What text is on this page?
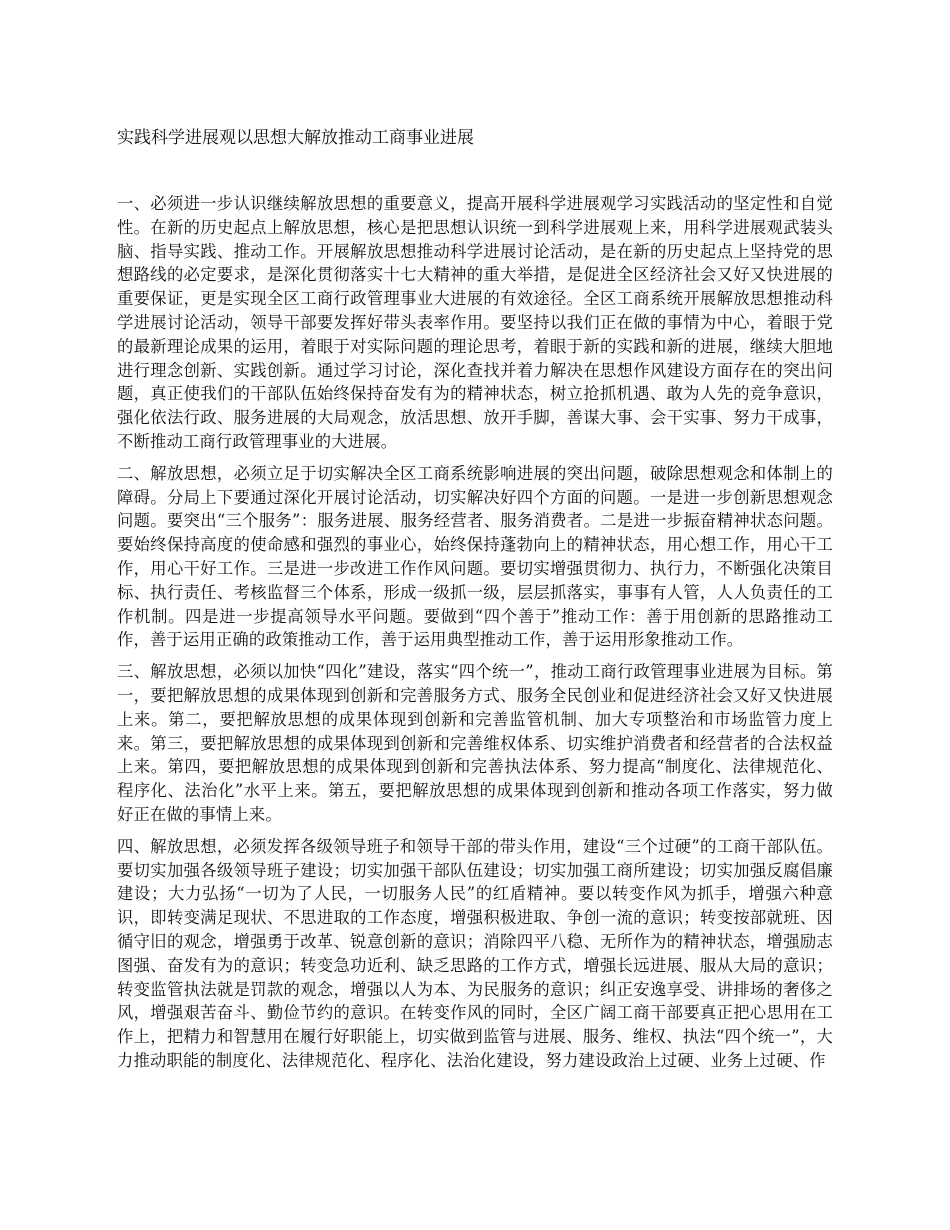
实践科学进展观以思想大解放推动工商事业进展

一、必须进一步认识继续解放思想的重要意义，提高开展科学进展观学习实践活动的坚定性和自觉性。在新的历史起点上解放思想，核心是把思想认识统一到科学进展观上来，用科学进展观武装头脑、指导实践、推动工作。开展解放思想推动科学进展讨论活动，是在新的历史起点上坚持党的思想路线的必定要求，是深化贯彻落实十七大精神的重大举措，是促进全区经济社会又好又快进展的重要保证，更是实现全区工商行政管理事业大进展的有效途径。全区工商系统开展解放思想推动科学进展讨论活动，领导干部要发挥好带头表率作用。要坚持以我们正在做的事情为中心，着眼于党的最新理论成果的运用，着眼于对实际问题的理论思考，着眼于新的实践和新的进展，继续大胆地进行理念创新、实践创新。通过学习讨论，深化查找并着力解决在思想作风建设方面存在的突出问题，真正使我们的干部队伍始终保持奋发有为的精神状态，树立抢抓机遇、敢为人先的竞争意识，强化依法行政、服务进展的大局观念，放活思想、放开手脚，善谋大事、会干实事、努力干成事，不断推动工商行政管理事业的大进展。

二、解放思想，必须立足于切实解决全区工商系统影响进展的突出问题，破除思想观念和体制上的障碍。分局上下要通过深化开展讨论活动，切实解决好四个方面的问题。一是进一步创新思想观念问题。要突出“三个服务”：服务进展、服务经营者、服务消费者。二是进一步振奋精神状态问题。要始终保持高度的使命感和强烈的事业心，始终保持蓬勃向上的精神状态，用心想工作，用心干工作，用心干好工作。三是进一步改进工作作风问题。要切实增强贯彻力、执行力，不断强化决策目标、执行责任、考核监督三个体系，形成一级抓一级，层层抓落实，事事有人管，人人负责任的工作机制。四是进一步提高领导水平问题。要做到“四个善于”推动工作：善于用创新的思路推动工作，善于运用正确的政策推动工作，善于运用典型推动工作，善于运用形象推动工作。

三、解放思想，必须以加快“四化”建设，落实“四个统一”，推动工商行政管理事业进展为目标。第一，要把解放思想的成果体现到创新和完善服务方式、服务全民创业和促进经济社会又好又快进展上来。第二，要把解放思想的成果体现到创新和完善监管机制、加大专项整治和市场监管力度上来。第三，要把解放思想的成果体现到创新和完善维权体系、切实维护消费者和经营者的合法权益上来。第四，要把解放思想的成果体现到创新和完善执法体系、努力提高“制度化、法律规范化、程序化、法治化”水平上来。第五，要把解放思想的成果体现到创新和推动各项工作落实，努力做好正在做的事情上来。

四、解放思想，必须发挥各级领导班子和领导干部的带头作用，建设“三个过硬”的工商干部队伍。要切实加强各级领导班子建设；切实加强干部队伍建设；切实加强工商所建设；切实加强反腐倡廉建设；大力弘扬“一切为了人民，一切服务人民”的红盾精神。要以转变作风为抓手，增强六种意识，即转变满足现状、不思进取的工作态度，增强积极进取、争创一流的意识；转变按部就班、因循守旧的观念，增强勇于改革、锐意创新的意识；消除四平八稳、无所作为的精神状态，增强励志图强、奋发有为的意识；转变急功近利、缺乏思路的工作方式，增强长远进展、服从大局的意识；转变监管执法就是罚款的观念，增强以人为本、为民服务的意识；纠正安逸享受、讲排场的奢侈之风，增强艰苦奋斗、勤俭节约的意识。在转变作风的同时，全区广阔工商干部要真正把心思用在工作上，把精力和智慧用在履行好职能上，切实做到监管与进展、服务、维权、执法“四个统一”，大力推动职能的制度化、法律规范化、程序化、法治化建设，努力建设政治上过硬、业务上过硬、作
